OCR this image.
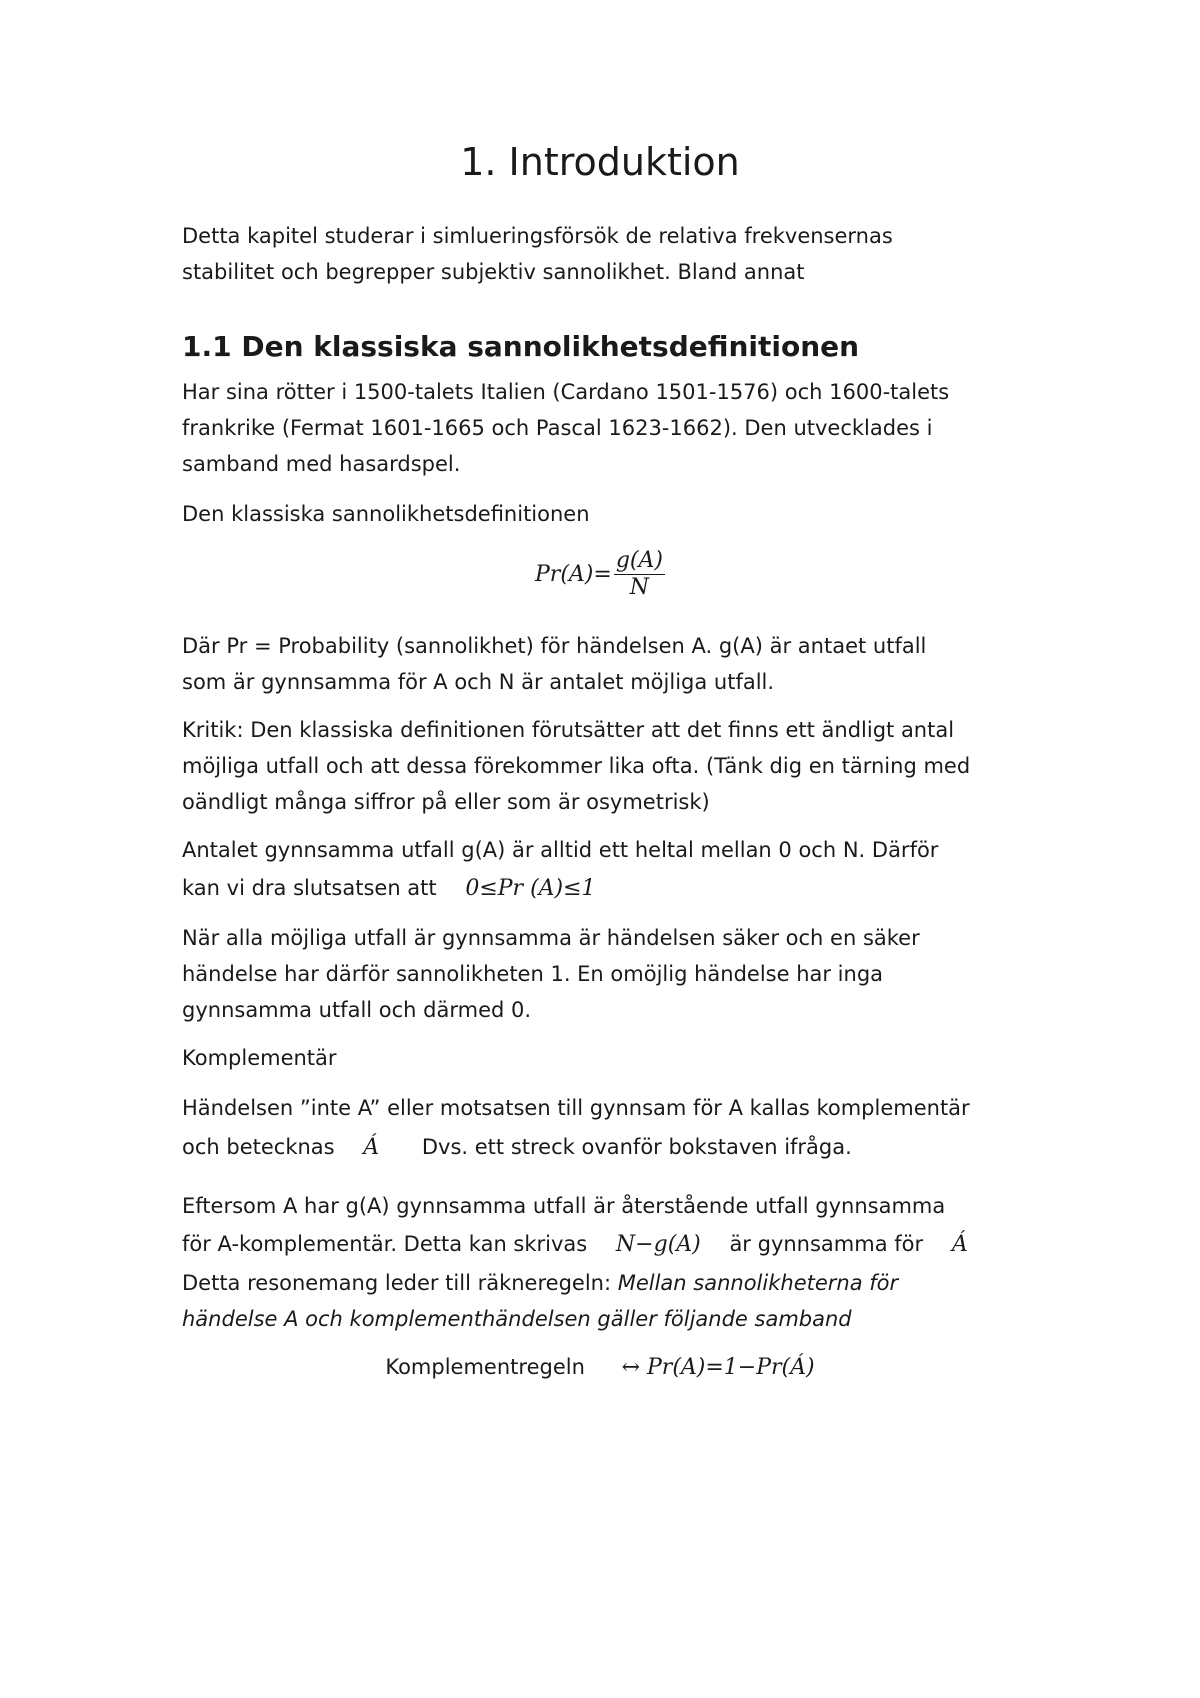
1. Introduktion

Detta kapitel studerar i simlueringsförsök de relativa frekvensernas
stabilitet och begrepper subjektiv sannolikhet. Bland annat

1.1 Den klassiska sannolikhetsdefinitionen

Har sina rötter i 1500-talets Italien (Cardano 1501-1576) och 1600-talets
frankrike (Fermat 1601-1665 och Pascal 1623-1662). Den utvecklades i
samband med hasardspel.

Den klassiska sannolikhetsdefinitionen

$Pr(A)= \frac{g(A)}{N}$

Där Pr = Probability (sannolikhet) för händelsen A. g(A) är antaet utfall
som är gynnsamma för A och N är antalet möjliga utfall.

Kritik: Den klassiska definitionen förutsätter att det finns ett ändligt antal
möjliga utfall och att dessa förekommer lika ofta. (Tänk dig en tärning med
oändligt många siffror på eller som är osymetrisk)

Antalet gynnsamma utfall g(A) är alltid ett heltal mellan 0 och N. Därför
kan vi dra slutsatsen att 0≤Pr (A)≤1

När alla möjliga utfall är gynnsamma är händelsen säker och en säker
händelse har därför sannolikheten 1. En omöjlig händelse har inga
gynnsamma utfall och därmed 0.

Komplementär

Händelsen ”inte A” eller motsatsen till gynnsam för A kallas komplementär
och betecknas Á Dvs. ett streck ovanför bokstaven ifråga.

Eftersom A har g(A) gynnsamma utfall är återstående utfall gynnsamma
för A-komplementär. Detta kan skrivas N−g(A) är gynnsamma för Á
Detta resonemang leder till räkneregeln: Mellan sannolikheterna för
händelse A och komplementhändelsen gäller följande samband

Komplementregeln ↔ Pr(A)=1−Pr(Á)
